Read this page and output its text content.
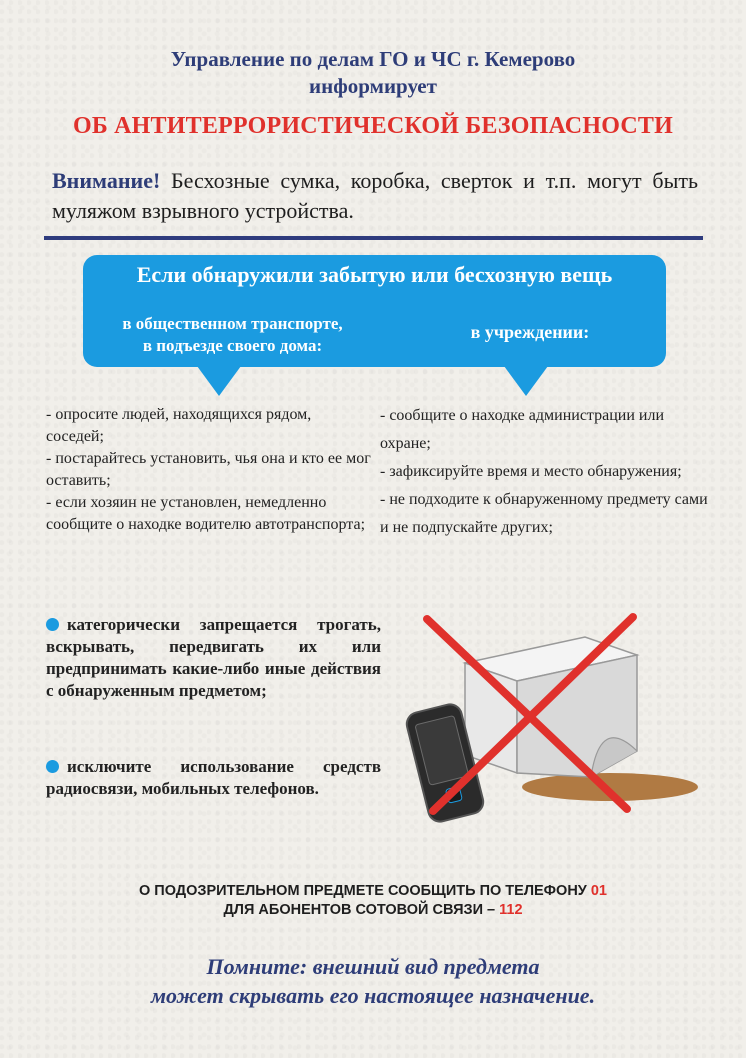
Управление по делам ГО и ЧС г. Кемерово
информирует
ОБ АНТИТЕРРОРИСТИЧЕСКОЙ БЕЗОПАСНОСТИ
Внимание! Бесхозные сумка, коробка, сверток и т.п. могут быть муляжом взрывного устройства.
Если обнаружили забытую или бесхозную вещь
в общественном транспорте,
в подъезде своего дома:
в учреждении:
- опросите людей, находящихся рядом, соседей;
- постарайтесь установить, чья она и кто ее мог оставить;
- если хозяин не установлен, немедленно сообщите о находке водителю автотранспорта;
- сообщите о находке администрации или охране;
- зафиксируйте время и место обнаружения;
- не подходите к обнаруженному предмету сами и не подпускайте других;
категорически запрещается трогать, вскрывать, передвигать их или предпринимать какие-либо иные действия с обнаруженным предметом;
исключите использование средств радиосвязи, мобильных телефонов.
О ПОДОЗРИТЕЛЬНОМ ПРЕДМЕТЕ СООБЩИТЬ ПО ТЕЛЕФОНУ 01
ДЛЯ АБОНЕНТОВ СОТОВОЙ СВЯЗИ – 112
Помните: внешний вид предмета
может скрывать его настоящее назначение.
